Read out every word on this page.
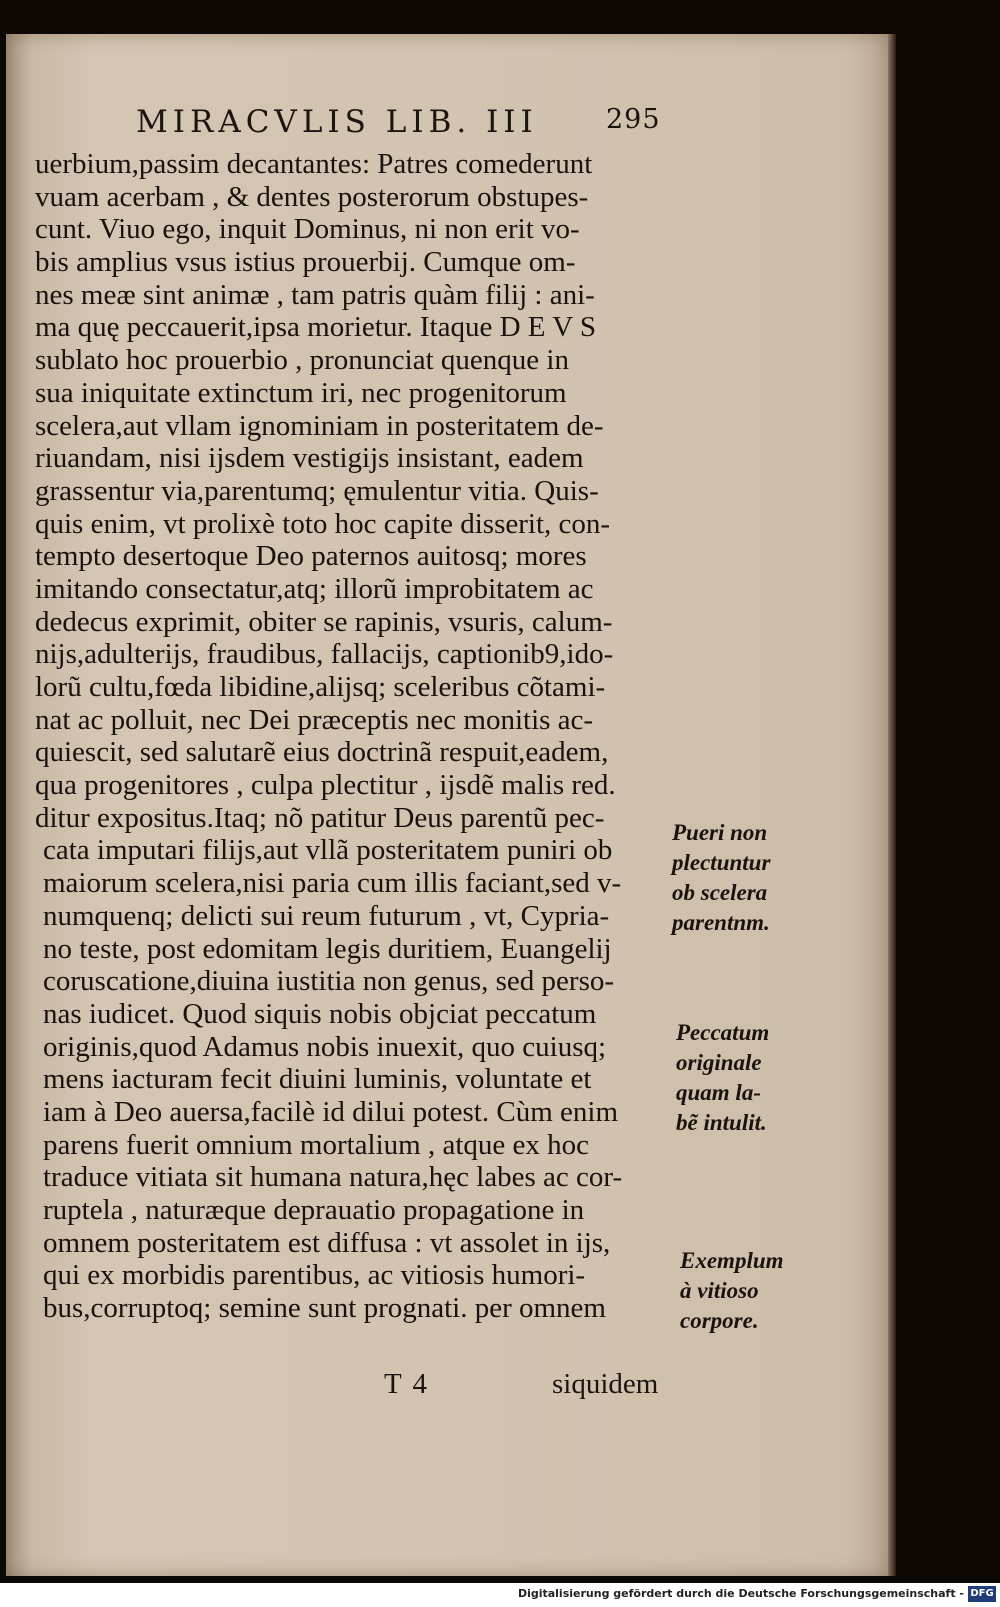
MIRACVLIS LIB. III	295
uerbium,passim decantantes: Patres comederunt
vuam acerbam , & dentes posterorum obstupes-
cunt. Viuo ego, inquit Dominus, ni non erit vo-
bis amplius vsus istius prouerbij. Cumque om-
nes meæ sint animæ , tam patris quàm filij : ani-
ma quę peccauerit,ipsa morietur. Itaque D E V S
sublato hoc prouerbio , pronunciat quenque in
sua iniquitate extinctum iri, nec progenitorum
scelera,aut vllam ignominiam in posteritatem de-
riuandam, nisi ijsdem vestigijs insistant, eadem
grassentur via,parentumq; ęmulentur vitia. Quis-
quis enim, vt prolixè toto hoc capite disserit, con-
tempto desertoque Deo paternos auitosq; mores
imitando consectatur,atq; illorũ improbitatem ac
dedecus exprimit, obiter se rapinis, vsuris, calum-
nijs,adulterijs, fraudibus, fallacijs, captionib9,ido-
lorũ cultu,fœda libidine,alijsq; sceleribus cõtami-
nat ac polluit, nec Dei præceptis nec monitis ac-
quiescit, sed salutarẽ eius doctrinã respuit,eadem,
qua progenitores , culpa plectitur , ijsdẽ malis red.
ditur expositus.Itaq; nõ patitur Deus parentũ pec-
cata imputari filijs,aut vllã posteritatem puniri ob
maiorum scelera,nisi paria cum illis faciant,sed v-
numquenq; delicti sui reum futurum , vt, Cypria-
no teste, post edomitam legis duritiem, Euangelij
coruscatione,diuina iustitia non genus, sed perso-
nas iudicet. Quod siquis nobis objciat peccatum
originis,quod Adamus nobis inuexit, quo cuiusq;
mens iacturam fecit diuini luminis, voluntate et
iam à Deo auersa,facilè id dilui potest. Cùm enim
parens fuerit omnium mortalium , atque ex hoc
traduce vitiata sit humana natura,hęc labes ac cor-
ruptela , naturæque deprauatio propagatione in
omnem posteritatem est diffusa : vt assolet in ijs,
qui ex morbidis parentibus, ac vitiosis humori-
bus,corruptoq; semine sunt prognati. per omnem
Pueri non
plectuntur
ob scelera
parentnm.
Peccatum
originale
quam la-
bẽ intulit.
Exemplum
à vitioso
corpore.
T 4	siquidem
Digitalisierung gefördert durch die Deutsche Forschungsgemeinschaft - DFG
